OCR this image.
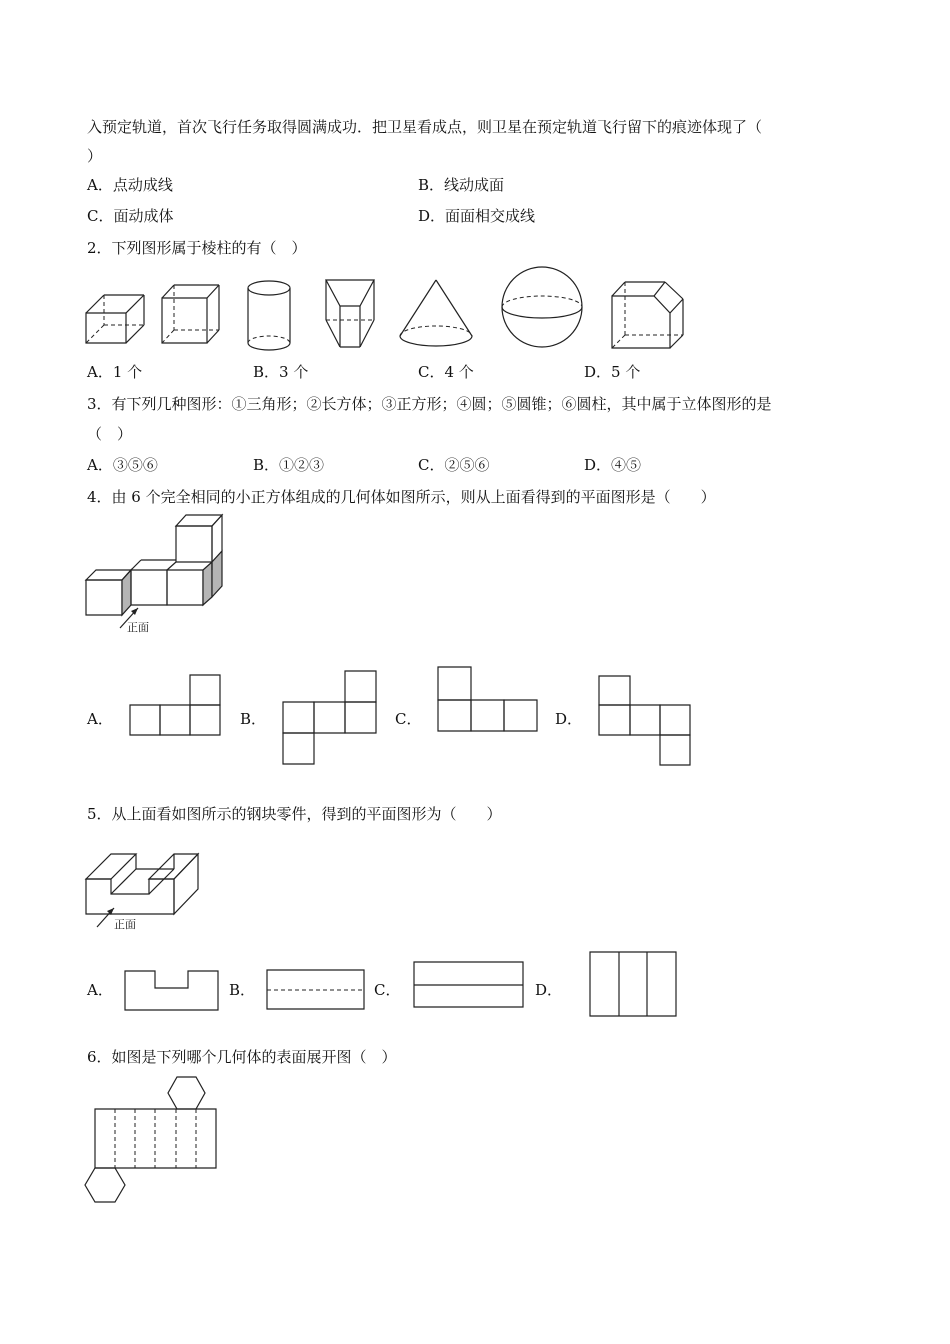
入预定轨道，首次飞行任务取得圆满成功．把卫星看成点，则卫星在预定轨道飞行留下的痕迹体现了（
）
A．点动成线	B．线动成面
C．面动成体	D．面面相交成线
2．下列图形属于棱柱的有（　）
A．1 个	B．3 个	C．4 个	D．5 个
3．有下列几种图形：①三角形；②长方体；③正方形；④圆；⑤圆锥；⑥圆柱，其中属于立体图形的是
（　）
A．③⑤⑥	B．①②③	C．②⑤⑥	D．④⑤
4．由 6 个完全相同的小正方体组成的几何体如图所示，则从上面看得到的平面图形是（　　）
正面
A．	B．	C．	D．
5．从上面看如图所示的钢块零件，得到的平面图形为（　　）
正面
A．	B．	C．	D．
6．如图是下列哪个几何体的表面展开图（　）
